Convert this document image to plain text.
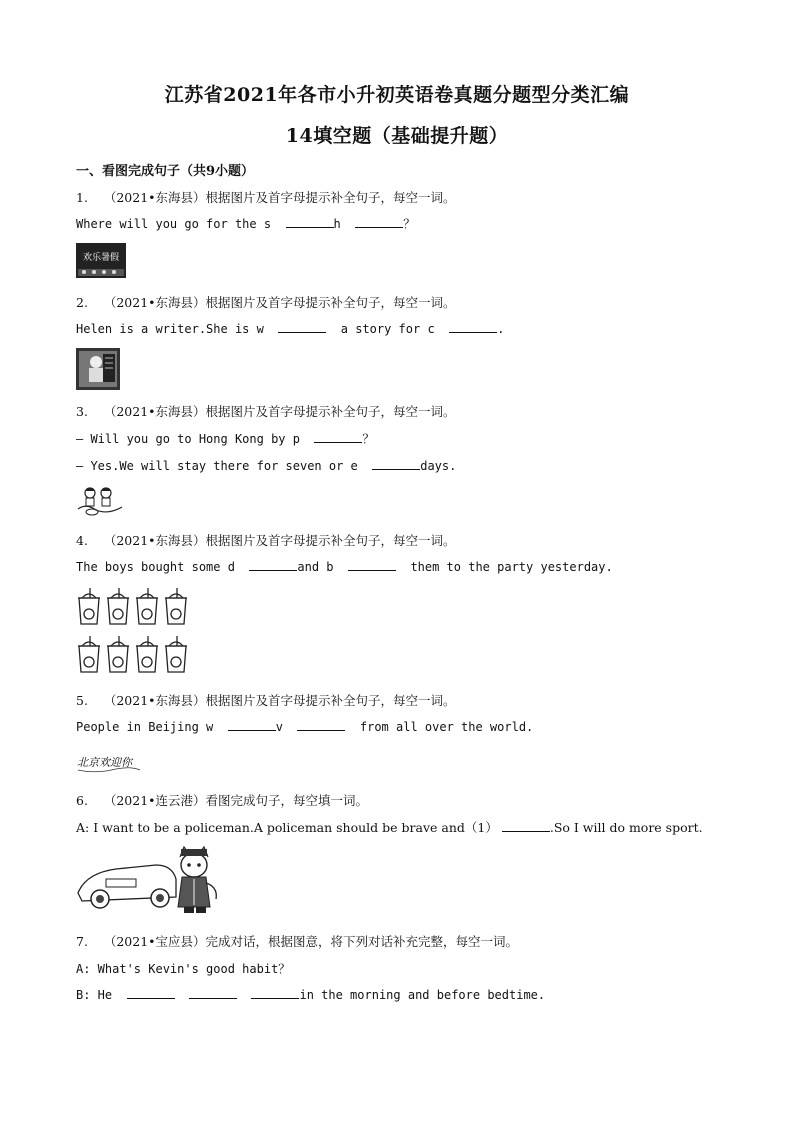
江苏省2021年各市小升初英语卷真题分题型分类汇编
14填空题（基础提升题）
一、看图完成句子（共9小题）
1. （2021•东海县）根据图片及首字母提示补全句子，每空一词。
Where will you go for the s	h	？
欢乐暑假
2. （2021•东海县）根据图片及首字母提示补全句子，每空一词。
Helen is a writer.She is w	a story for c	.
3. （2021•东海县）根据图片及首字母提示补全句子，每空一词。
— Will you go to Hong Kong by p	？
— Yes.We will stay there for seven or e	days.
4. （2021•东海县）根据图片及首字母提示补全句子，每空一词。
The boys bought some d	and b	them to the party yesterday.
5. （2021•东海县）根据图片及首字母提示补全句子，每空一词。
People in Beijing w	v	from all over the world.
北京欢迎你
6. （2021•连云港）看图完成句子，每空填一词。
A: I want to be a policeman.A policeman should be brave and（1）	.So I will do more sport.
7. （2021•宝应县）完成对话，根据图意，将下列对话补充完整，每空一词。
A: What's Kevin's good habit？
B: He	in the morning and before bedtime.
